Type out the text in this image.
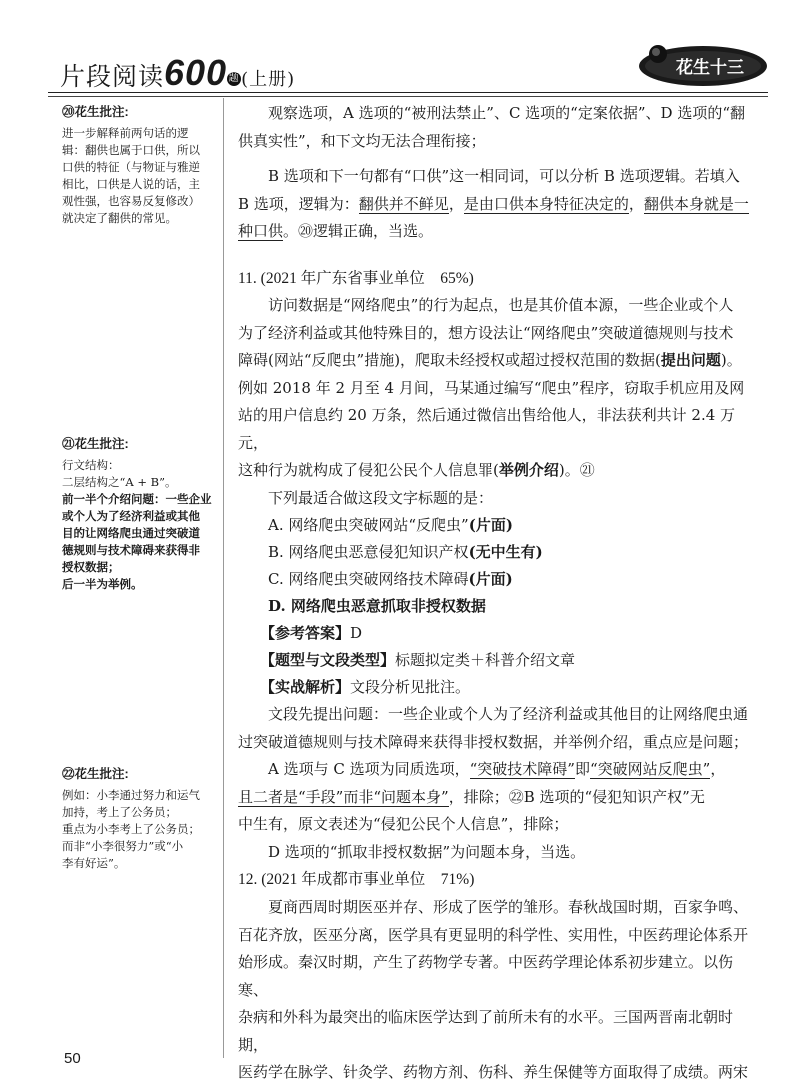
片段阅读600 题(上册)
花生十三
⑳花生批注:
进一步解释前两句话的逻
辑：翻供也属于口供，所以
口供的特征（与物证与雅逆
相比，口供是人说的话，主
观性强，也容易反复修改）
就决定了翻供的常见。
㉑花生批注:
行文结构：
二层结构之“A + B”。
前一半个介绍问题：一些企业
或个人为了经济利益或其他
目的让网络爬虫通过突破道
德规则与技术障碍来获得非
授权数据；
后一半为举例。
㉒花生批注:
例如：小李通过努力和运气
加持，考上了公务员；
重点为小李考上了公务员；
而非“小李很努力”或“小
李有好运”。

观察选项，A 选项的“被刑法禁止”、C 选项的“定案依据”、D 选项的“翻

供真实性”，和下文均无法合理衔接；

B 选项和下一句都有“口供”这一相同词，可以分析 B 选项逻辑。若填入

B 选项，逻辑为：翻供并不鲜见，是由口供本身特征决定的，翻供本身就是一

种口供。⑳逻辑正确，当选。

11. (2021 年广东省事业单位　65%)

访问数据是“网络爬虫”的行为起点，也是其价值本源，一些企业或个人

为了经济利益或其他特殊目的，想方设法让“网络爬虫”突破道德规则与技术

障碍(网站“反爬虫”措施)，爬取未经授权或超过授权范围的数据(提出问题)。

例如 2018 年 2 月至 4 月间，马某通过编写“爬虫”程序，窃取手机应用及网

站的用户信息约 20 万条，然后通过微信出售给他人，非法获利共计 2.4 万元，

这种行为就构成了侵犯公民个人信息罪(举例介绍)。㉑

下列最适合做这段文字标题的是：

A. 网络爬虫突破网站“反爬虫”(片面)

B. 网络爬虫恶意侵犯知识产权(无中生有)

C. 网络爬虫突破网络技术障碍(片面)

D. 网络爬虫恶意抓取非授权数据

【参考答案】D

【题型与文段类型】标题拟定类＋科普介绍文章

【实战解析】文段分析见批注。

文段先提出问题：一些企业或个人为了经济利益或其他目的让网络爬虫通

过突破道德规则与技术障碍来获得非授权数据，并举例介绍，重点应是问题；

A 选项与 C 选项为同质选项，“突破技术障碍”即“突破网站反爬虫”，

且二者是“手段”而非“问题本身”，排除；㉒B 选项的“侵犯知识产权”无

中生有，原文表述为“侵犯公民个人信息”，排除；

D 选项的“抓取非授权数据”为问题本身，当选。

12. (2021 年成都市事业单位　71%)

夏商西周时期医巫并存、形成了医学的雏形。春秋战国时期，百家争鸣、

百花齐放，医巫分离，医学具有更显明的科学性、实用性，中医药理论体系开

始形成。秦汉时期，产生了药物学专著。中医药学理论体系初步建立。以伤寒、

杂病和外科为最突出的临床医学达到了前所未有的水平。三国两晋南北朝时期，

医药学在脉学、针灸学、药物方剂、伤科、养生保健等方面取得了成绩。两宋

50
